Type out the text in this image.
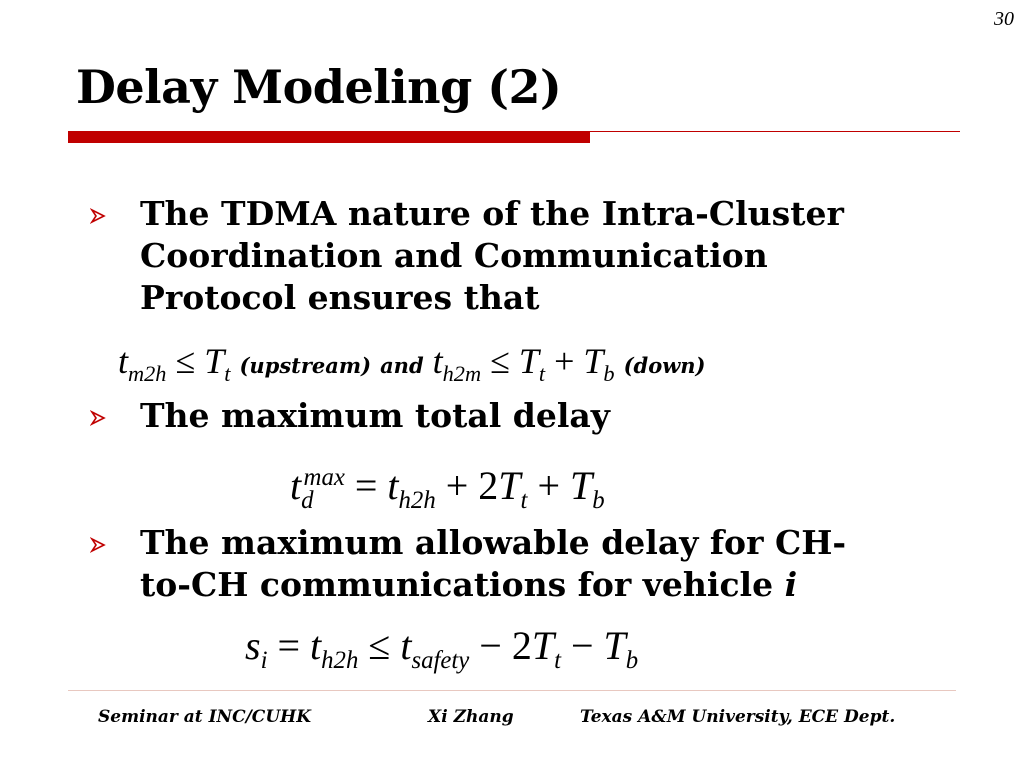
30
Delay Modeling (2)
The TDMA nature of the Intra-Cluster
Coordination and Communication
Protocol ensures that
$t_{m2h} \le T_t$ (upstream) and $t_{h2m} \le T_t + T_b$ (down)
The maximum total delay
$t_d^{max} = t_{h2h} + 2T_t + T_b$
The maximum allowable delay for CH-
to-CH communications for vehicle i
$s_i = t_{h2h} \le t_{safety} - 2T_t - T_b$
Seminar at INC/CUHK	Xi Zhang	Texas A&M University, ECE Dept.
